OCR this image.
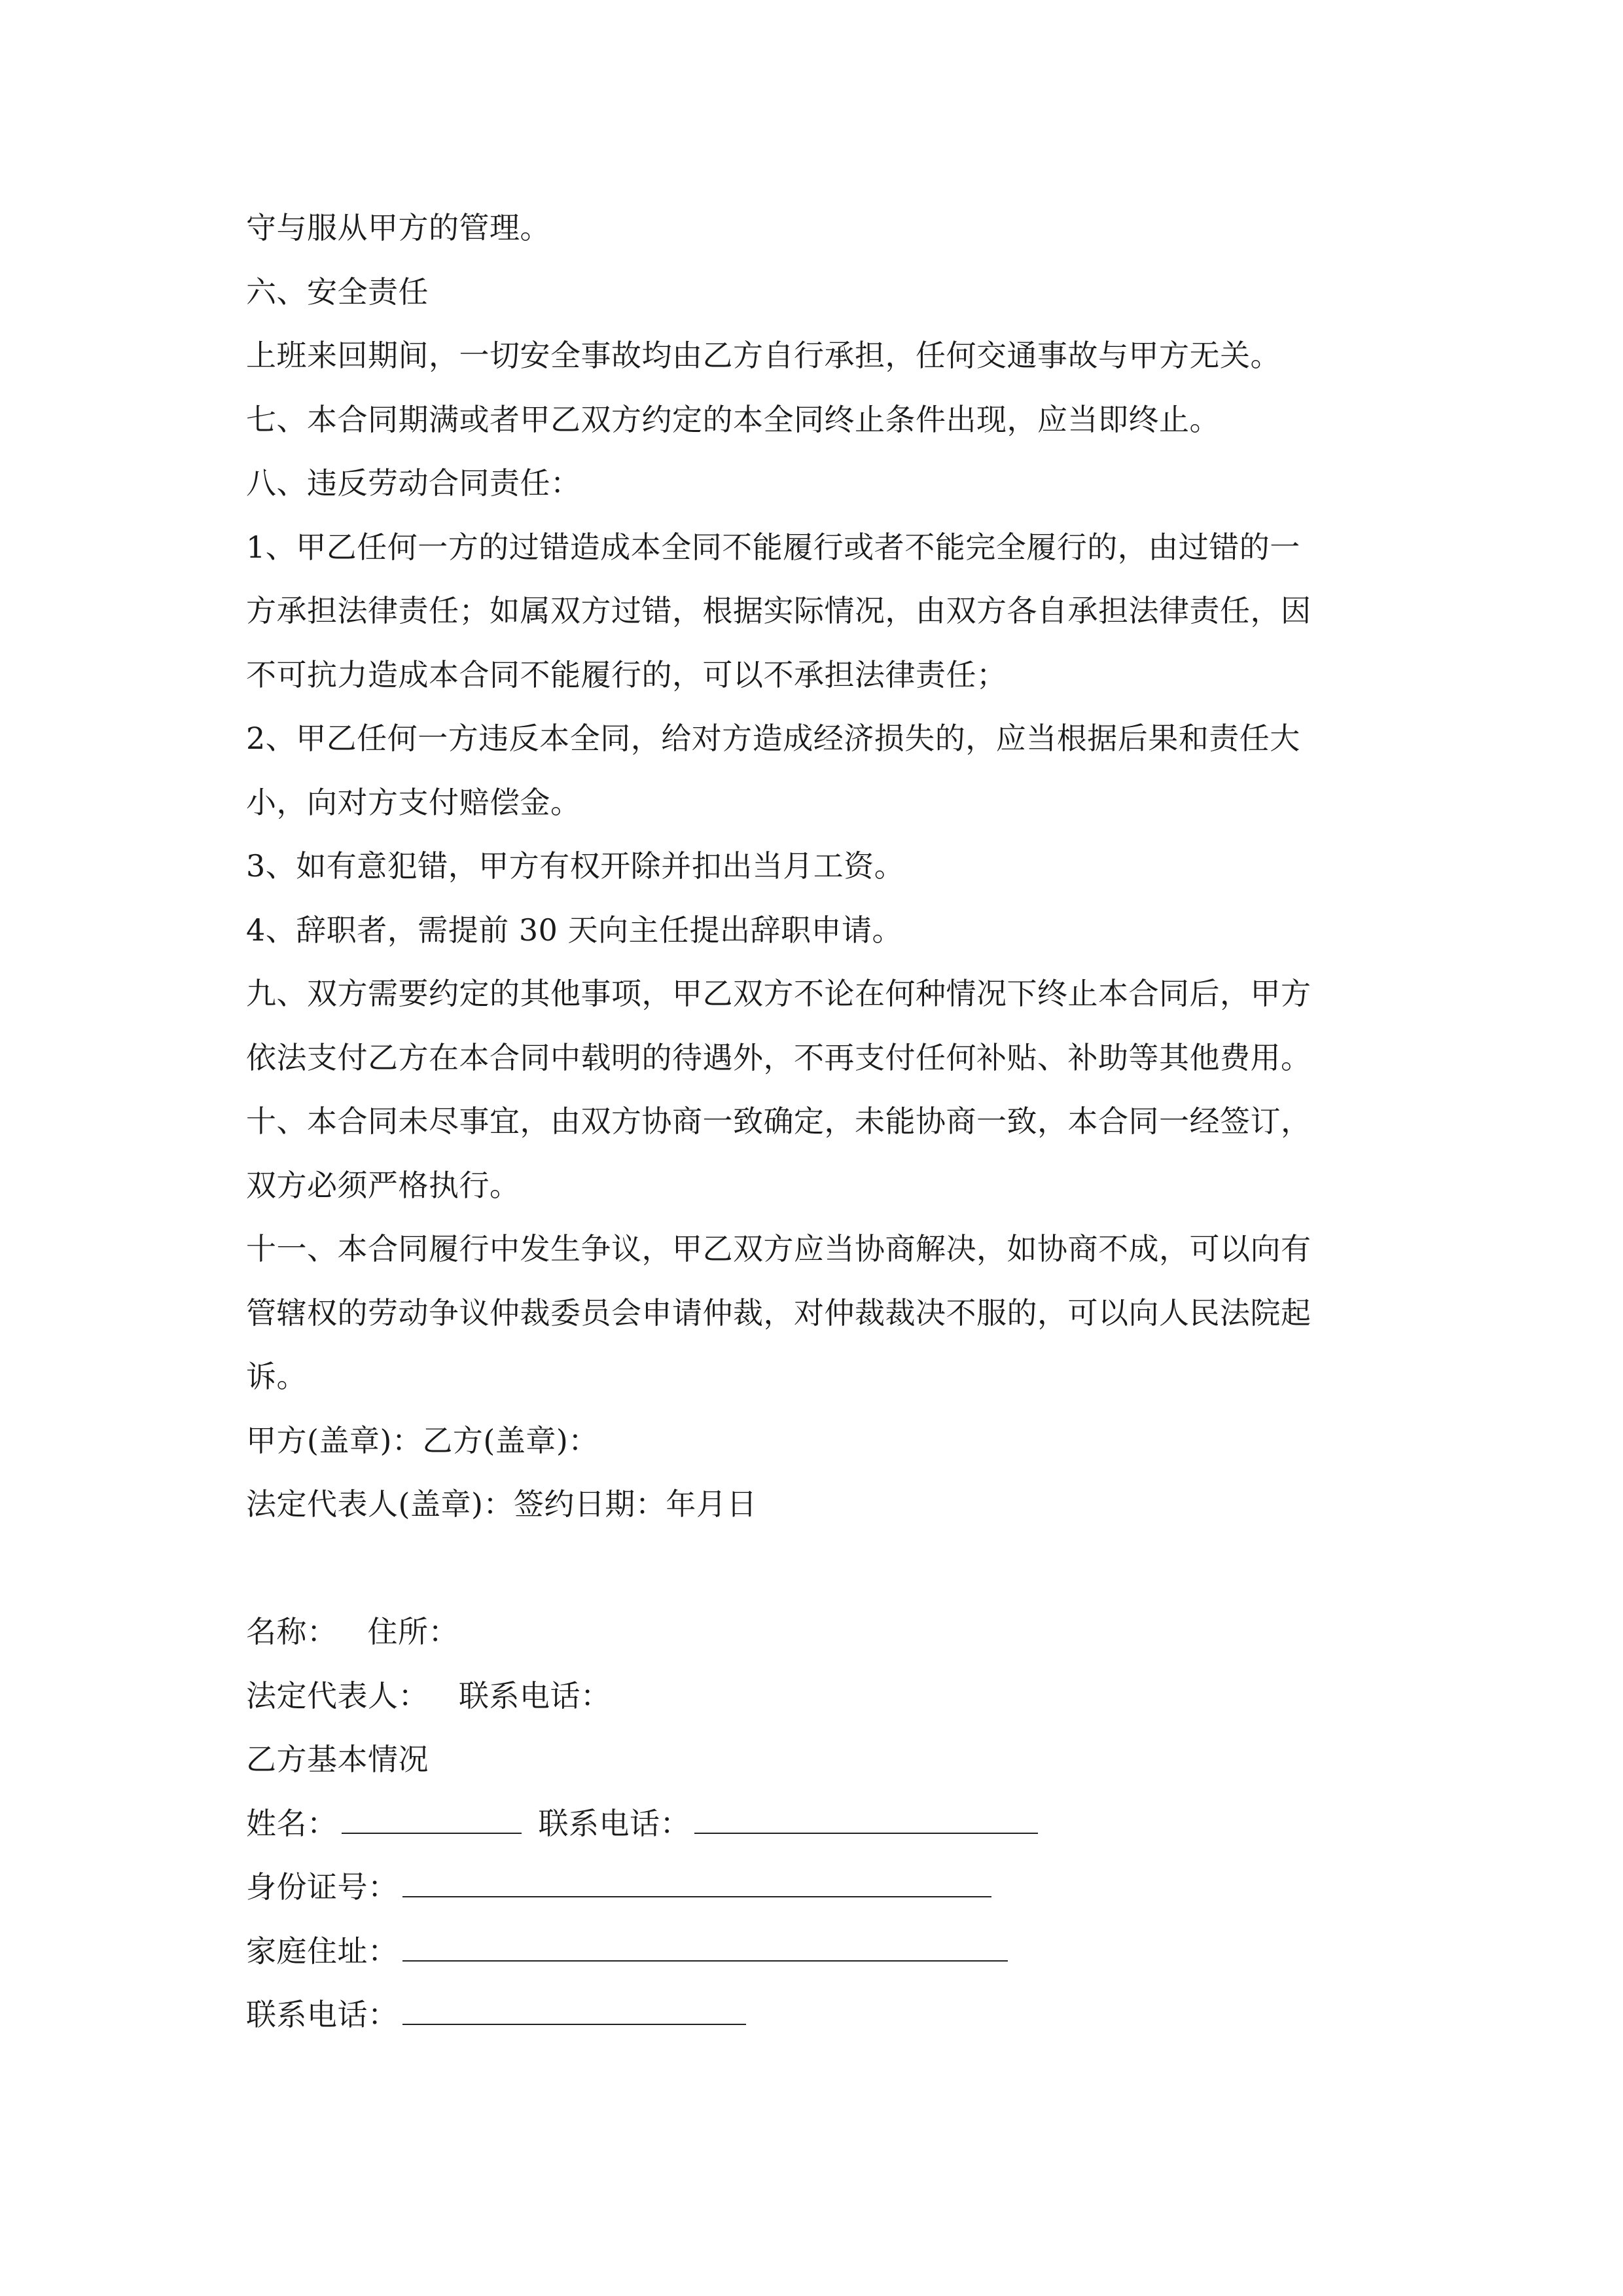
守与服从甲方的管理。
六、安全责任
上班来回期间，一切安全事故均由乙方自行承担，任何交通事故与甲方无关。
七、本合同期满或者甲乙双方约定的本全同终止条件出现，应当即终止。
八、违反劳动合同责任：
1、甲乙任何一方的过错造成本全同不能履行或者不能完全履行的，由过错的一
方承担法律责任；如属双方过错，根据实际情况，由双方各自承担法律责任，因
不可抗力造成本合同不能履行的，可以不承担法律责任；
2、甲乙任何一方违反本全同，给对方造成经济损失的，应当根据后果和责任大
小，向对方支付赔偿金。
3、如有意犯错，甲方有权开除并扣出当月工资。
4、辞职者，需提前 30 天向主任提出辞职申请。
九、双方需要约定的其他事项，甲乙双方不论在何种情况下终止本合同后，甲方
依法支付乙方在本合同中载明的待遇外，不再支付任何补贴、补助等其他费用。
十、本合同未尽事宜，由双方协商一致确定，未能协商一致，本合同一经签订，
双方必须严格执行。
十一、本合同履行中发生争议，甲乙双方应当协商解决，如协商不成，可以向有
管辖权的劳动争议仲裁委员会申请仲裁，对仲裁裁决不服的，可以向人民法院起
诉。
甲方(盖章)：乙方(盖章)：
法定代表人(盖章)：签约日期：年月日
名称： 住所：
法定代表人： 联系电话：
乙方基本情况
姓名：	联系电话：
身份证号：
家庭住址：
联系电话：
